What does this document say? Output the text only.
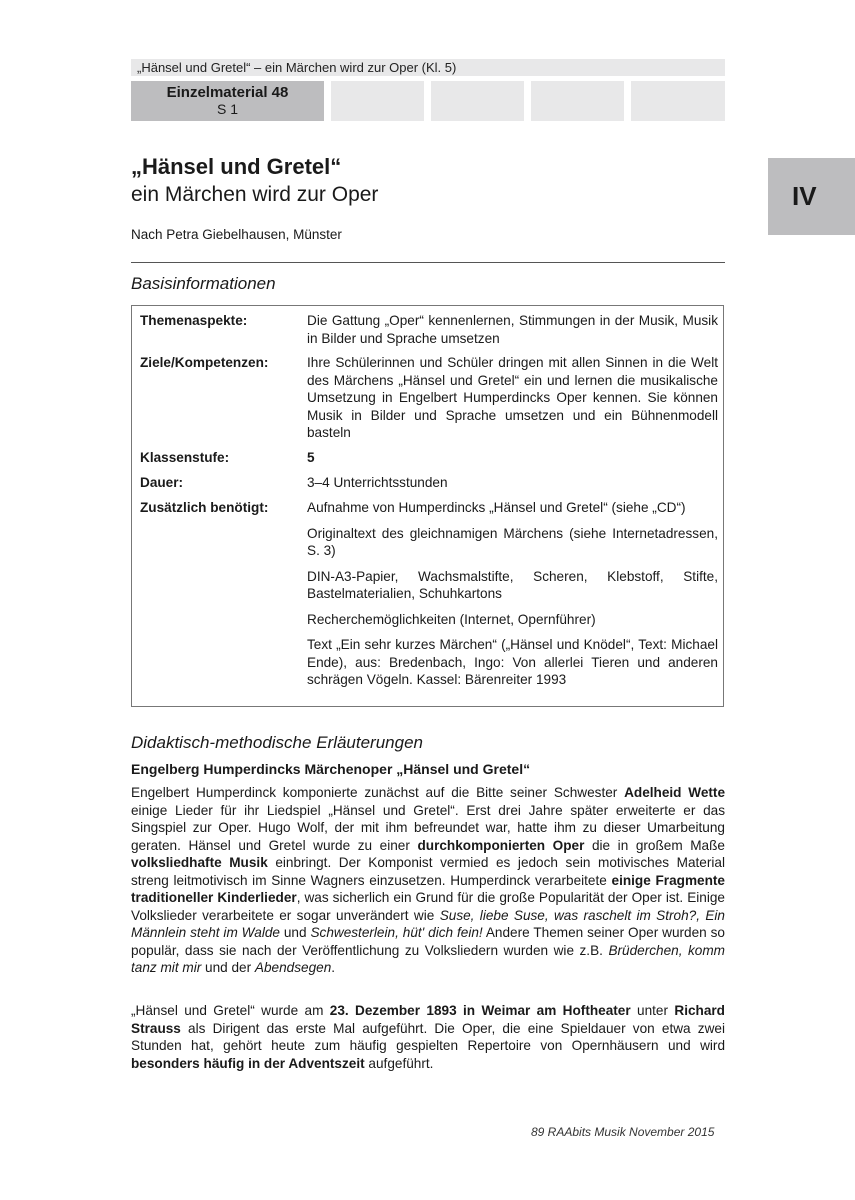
„Hänsel und Gretel“ – ein Märchen wird zur Oper (Kl. 5)
Einzelmaterial 48
S 1
IV
„Hänsel und Gretel“
ein Märchen wird zur Oper
Nach Petra Giebelhausen, Münster
Basisinformationen
Themenaspekte:	Die Gattung „Oper“ kennenlernen, Stimmungen in der Musik, Musik in Bilder und Sprache umsetzen

Ziele/Kompetenzen:	Ihre Schülerinnen und Schüler dringen mit allen Sinnen in die Welt des Märchens „Hänsel und Gretel“ ein und lernen die musikalische Umsetzung in Engelbert Humperdincks Oper kennen. Sie können Musik in Bilder und Sprache umsetzen und ein Bühnenmodell basteln

Klassenstufe:	5

Dauer:	3–4 Unterrichtsstunden

Zusätzlich benötigt:	Aufnahme von Humperdincks „Hänsel und Gretel“ (siehe „CD“)

Originaltext des gleichnamigen Märchens (siehe Internetadressen, S. 3)

DIN-A3-Papier, Wachsmalstifte, Scheren, Klebstoff, Stifte, Bastelmaterialien, Schuhkartons

Recherchemöglichkeiten (Internet, Opernführer)

Text „Ein sehr kurzes Märchen“ („Hänsel und Knödel“, Text: Michael Ende), aus: Bredenbach, Ingo: Von allerlei Tieren und anderen schrägen Vögeln. Kassel: Bärenreiter 1993

Didaktisch-methodische Erläuterungen
Engelberg Humperdincks Märchenoper „Hänsel und Gretel“

Engelbert Humperdinck komponierte zunächst auf die Bitte seiner Schwester Adelheid Wette einige Lieder für ihr Liedspiel „Hänsel und Gretel“. Erst drei Jahre später erweiterte er das Singspiel zur Oper. Hugo Wolf, der mit ihm befreundet war, hatte ihm zu dieser Umarbeitung geraten. Hänsel und Gretel wurde zu einer durchkomponierten Oper die in großem Maße volksliedhafte Musik einbringt. Der Komponist vermied es jedoch sein motivisches Material streng leitmotivisch im Sinne Wagners einzusetzen. Humperdinck verarbeitete einige Fragmente traditioneller Kinderlieder, was sicherlich ein Grund für die große Popularität der Oper ist. Einige Volkslieder verarbeitete er sogar unverändert wie Suse, liebe Suse, was raschelt im Stroh?, Ein Männlein steht im Walde und Schwesterlein, hüt' dich fein! Andere Themen seiner Oper wurden so populär, dass sie nach der Veröffentlichung zu Volksliedern wurden wie z.B. Brüderchen, komm tanz mit mir und der Abendsegen.

„Hänsel und Gretel“ wurde am 23. Dezember 1893 in Weimar am Hoftheater unter Richard Strauss als Dirigent das erste Mal aufgeführt. Die Oper, die eine Spieldauer von etwa zwei Stunden hat, gehört heute zum häufig gespielten Repertoire von Opernhäusern und wird besonders häufig in der Adventszeit aufgeführt.

89 RAAbits Musik November 2015
